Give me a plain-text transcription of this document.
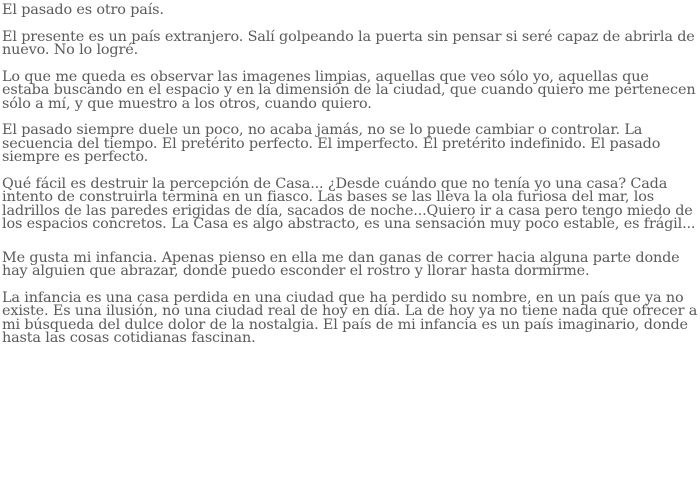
El pasado es otro país.

El presente es un país extranjero. Salí golpeando la puerta sin pensar si seré capaz de abrirla de nuevo. No lo logré.

Lo que me queda es observar las imagenes limpias, aquellas que veo sólo yo, aquellas que estaba buscando en el espacio y en la dimensión de la ciudad, que cuando quiero me pertenecen sólo a mí, y que muestro a los otros, cuando quiero.

El pasado siempre duele un poco, no acaba jamás, no se lo puede cambiar o controlar. La secuencia del tiempo. El pretérito perfecto. El imperfecto. El pretérito indefinido. El pasado siempre es perfecto.

Qué fácil es destruir la percepción de Casa... ¿Desde cuándo que no tenía yo una casa? Cada intento de construirla termina en un fiasco. Las bases se las lleva la ola furiosa del mar, los ladrillos de las paredes erigidas de día, sacados de noche...Quiero ir a casa pero tengo miedo de los espacios concretos. La Casa es algo abstracto, es una sensación muy poco estable, es frágil...

Me gusta mi infancia. Apenas pienso en ella me dan ganas de correr hacia alguna parte donde hay alguien que abrazar, donde puedo esconder el rostro y llorar hasta dormirme.

La infancia es una casa perdida en una ciudad que ha perdido su nombre, en un país que ya no existe. Es una ilusión, no una ciudad real de hoy en día. La de hoy ya no tiene nada que ofrecer a mi búsqueda del dulce dolor de la nostalgia. El país de mi infancia es un país imaginario, donde hasta las cosas cotidianas fascinan.
